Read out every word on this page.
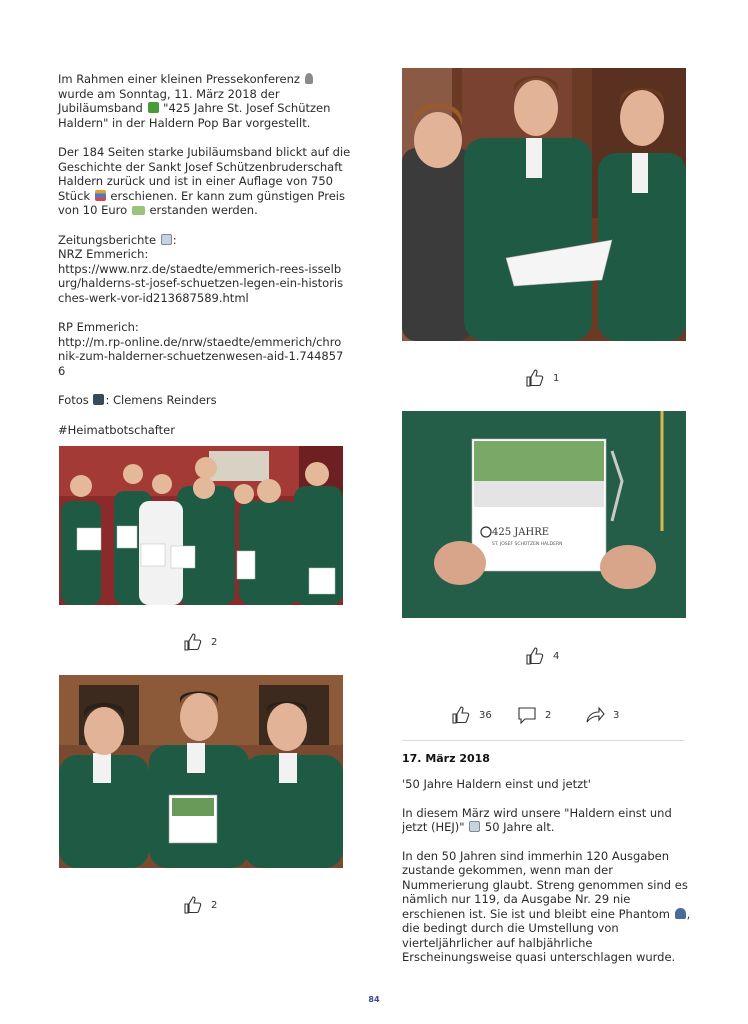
Im Rahmen einer kleinen Pressekonferenz
wurde am Sonntag, 11. März 2018 der
Jubiläumsband "425 Jahre St. Josef Schützen
Haldern" in der Haldern Pop Bar vorgestellt.
Der 184 Seiten starke Jubiläumsband blickt auf die
Geschichte der Sankt Josef Schützenbruderschaft
Haldern zurück und ist in einer Auflage von 750
Stück erschienen. Er kann zum günstigen Preis
von 10 Euro erstanden werden.
Zeitungsberichte :
NRZ Emmerich:
https://www.nrz.de/staedte/emmerich-rees-isselb
urg/halderns-st-josef-schuetzen-legen-ein-historis
ches-werk-vor-id213687589.html
RP Emmerich:
http://m.rp-online.de/nrw/staedte/emmerich/chro
nik-zum-halderner-schuetzenwesen-aid-1.744857
6
Fotos : Clemens Reinders
#Heimatbotschafter
2
2
1
425 JAHRE
ST. JOSEF SCHÜTZEN HALDERN
4
36	2	3
17. März 2018
'50 Jahre Haldern einst und jetzt'
In diesem März wird unsere "Haldern einst und
jetzt (HEJ)" 50 Jahre alt.
In den 50 Jahren sind immerhin 120 Ausgaben
zustande gekommen, wenn man der
Nummerierung glaubt. Streng genommen sind es
nämlich nur 119, da Ausgabe Nr. 29 nie
erschienen ist. Sie ist und bleibt eine Phantom ,
die bedingt durch die Umstellung von
vierteljährlicher auf halbjährliche
Erscheinungsweise quasi unterschlagen wurde.
84
